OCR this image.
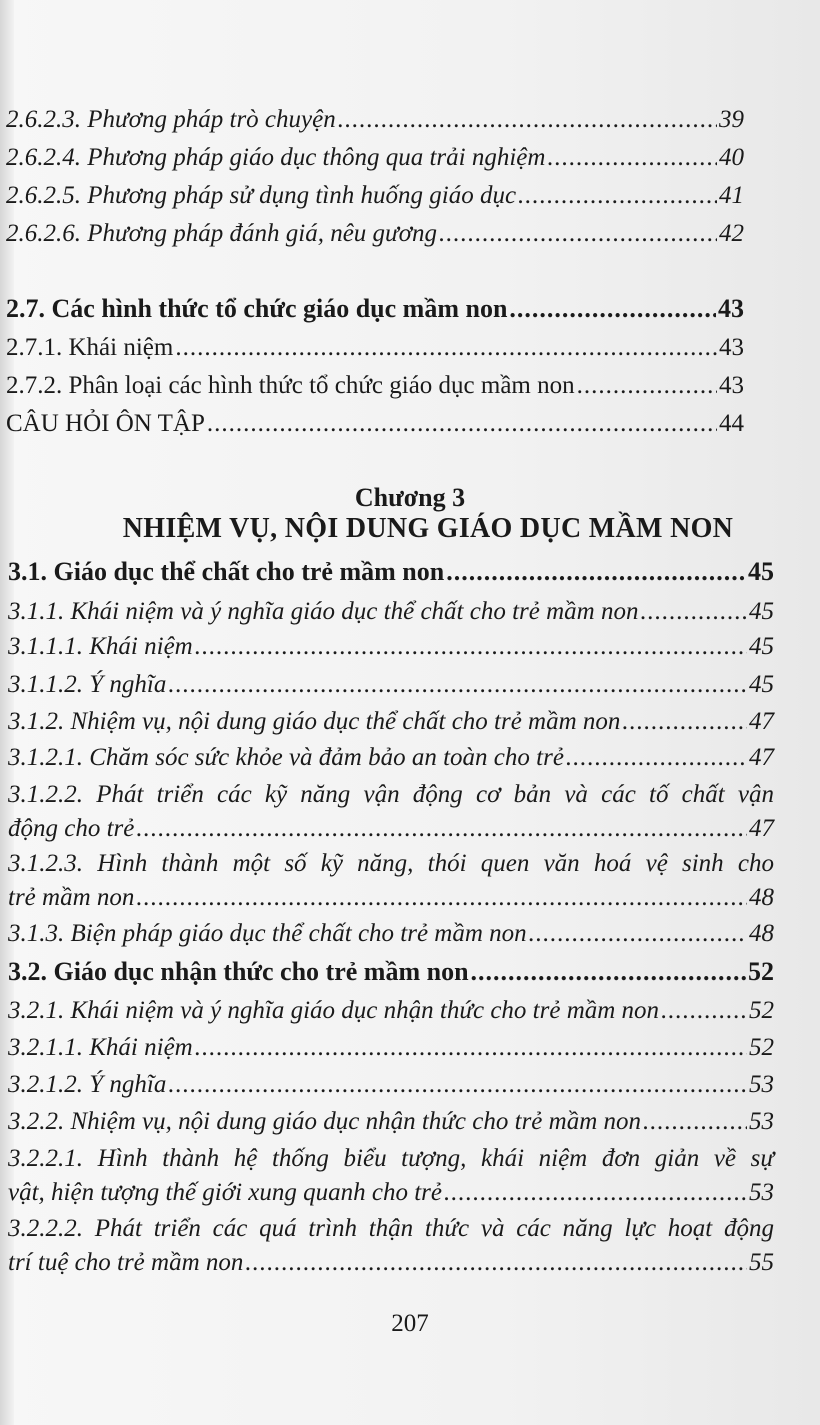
2.6.2.3. Phương pháp trò chuyện .....	39
2.6.2.4. Phương pháp giáo dục thông qua trải nghiệm .....	40
2.6.2.5. Phương pháp sử dụng tình huống giáo dục .....	41
2.6.2.6. Phương pháp đánh giá, nêu gương .....	42
2.7. Các hình thức tổ chức giáo dục mầm non .....	43
2.7.1. Khái niệm .....	43
2.7.2. Phân loại các hình thức tổ chức giáo dục mầm non .....	43
CÂU HỎI ÔN TẬP .....	44
Chương 3
NHIỆM VỤ, NỘI DUNG GIÁO DỤC MẦM NON
3.1. Giáo dục thể chất cho trẻ mầm non .....	45
3.1.1. Khái niệm và ý nghĩa giáo dục thể chất cho trẻ mầm non .....	45
3.1.1.1. Khái niệm .....	45
3.1.1.2. Ý nghĩa .....	45
3.1.2. Nhiệm vụ, nội dung giáo dục thể chất cho trẻ mầm non .....	47
3.1.2.1. Chăm sóc sức khỏe và đảm bảo an toàn cho trẻ .....	47
3.1.2.2. Phát triển các kỹ năng vận động cơ bản và các tố chất vận
động cho trẻ .....	47
3.1.2.3. Hình thành một số kỹ năng, thói quen văn hoá vệ sinh cho
trẻ mầm non .....	48
3.1.3. Biện pháp giáo dục thể chất cho trẻ mầm non .....	48
3.2. Giáo dục nhận thức cho trẻ mầm non .....	52
3.2.1. Khái niệm và ý nghĩa giáo dục nhận thức cho trẻ mầm non .....	52
3.2.1.1. Khái niệm .....	52
3.2.1.2. Ý nghĩa .....	53
3.2.2. Nhiệm vụ, nội dung giáo dục nhận thức cho trẻ mầm non .....	53
3.2.2.1. Hình thành hệ thống biểu tượng, khái niệm đơn giản về sự
vật, hiện tượng thế giới xung quanh cho trẻ .....	53
3.2.2.2. Phát triển các quá trình thận thức và các năng lực hoạt động
trí tuệ cho trẻ mầm non .....	55
207
